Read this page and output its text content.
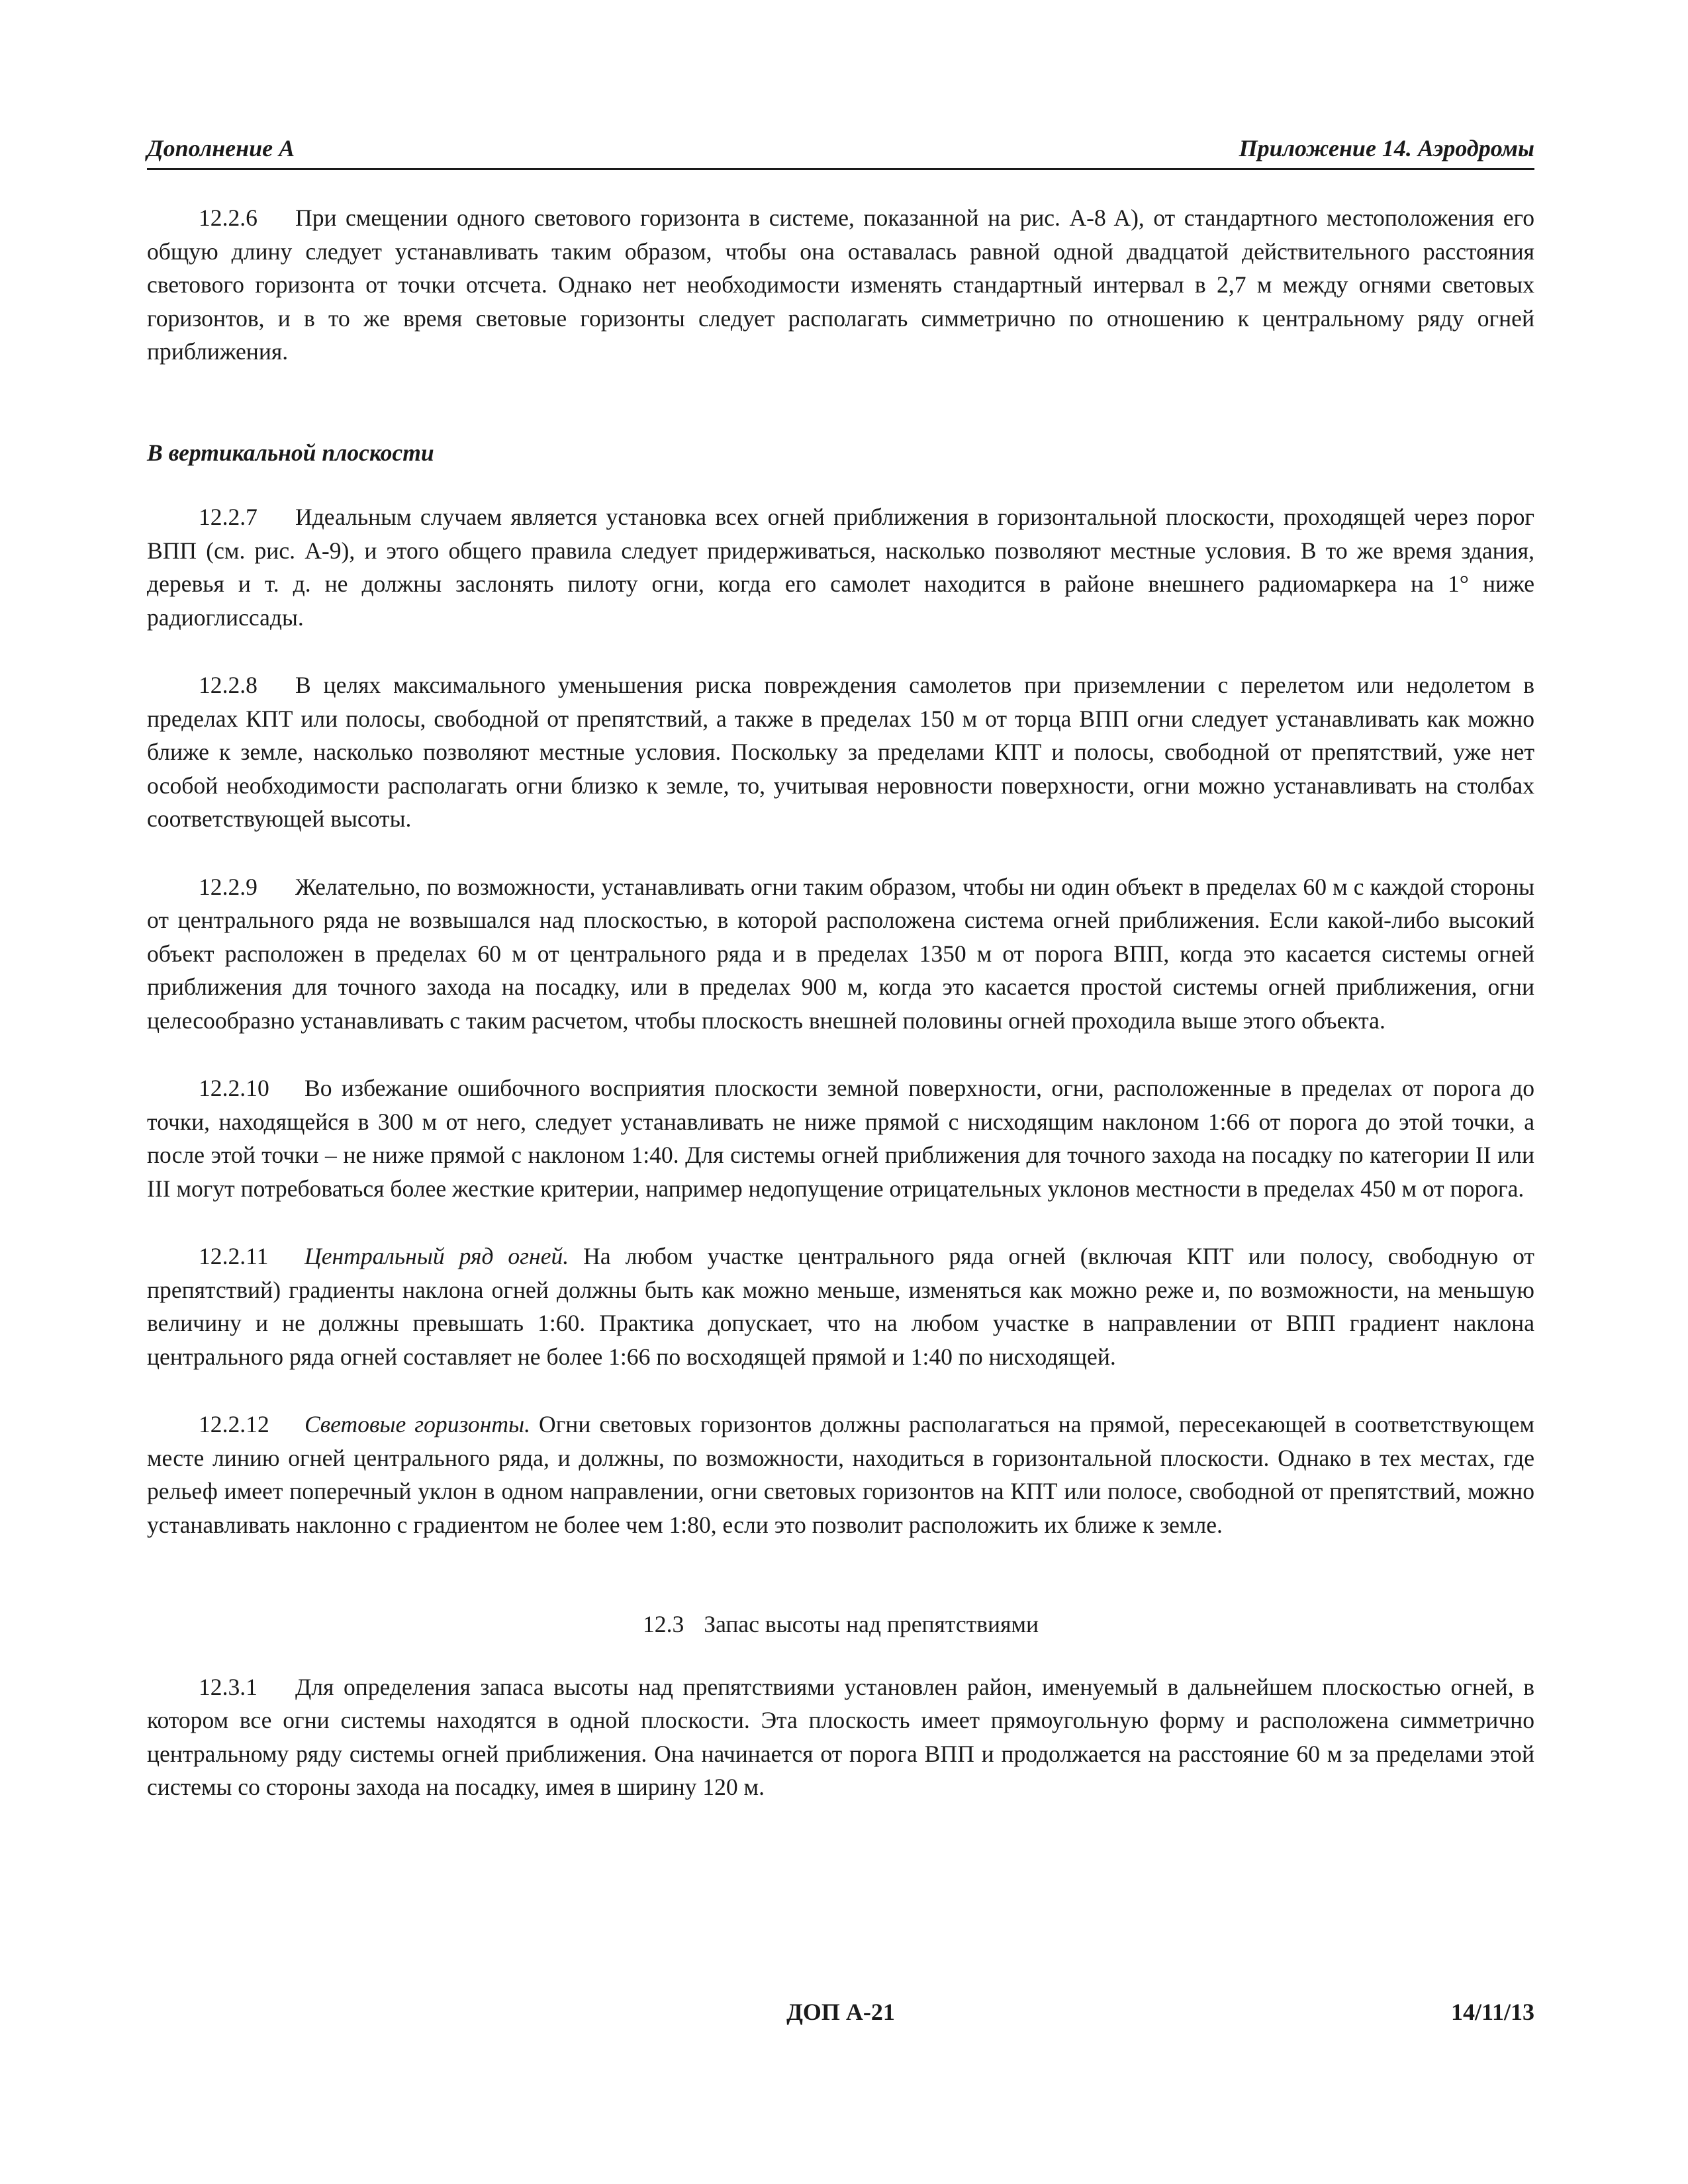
Дополнение A	Приложение 14. Аэродромы

12.2.6 При смещении одного светового горизонта в системе, показанной на рис. A-8 A), от стандартного местоположения его общую длину следует устанавливать таким образом, чтобы она оставалась равной одной двадцатой действительного расстояния светового горизонта от точки отсчета. Однако нет необходимости изменять стандартный интервал в 2,7 м между огнями световых горизонтов, и в то же время световые горизонты следует располагать симметрично по отношению к центральному ряду огней приближения.

В вертикальной плоскости

12.2.7 Идеальным случаем является установка всех огней приближения в горизонтальной плоскости, проходящей через порог ВПП (см. рис. A-9), и этого общего правила следует придерживаться, насколько позволяют местные условия. В то же время здания, деревья и т. д. не должны заслонять пилоту огни, когда его самолет находится в районе внешнего радиомаркера на 1° ниже радиоглиссады.

12.2.8 В целях максимального уменьшения риска повреждения самолетов при приземлении с перелетом или недолетом в пределах КПТ или полосы, свободной от препятствий, а также в пределах 150 м от торца ВПП огни следует устанавливать как можно ближе к земле, насколько позволяют местные условия. Поскольку за пределами КПТ и полосы, свободной от препятствий, уже нет особой необходимости располагать огни близко к земле, то, учитывая неровности поверхности, огни можно устанавливать на столбах соответствующей высоты.

12.2.9 Желательно, по возможности, устанавливать огни таким образом, чтобы ни один объект в пределах 60 м с каждой стороны от центрального ряда не возвышался над плоскостью, в которой расположена система огней приближения. Если какой-либо высокий объект расположен в пределах 60 м от центрального ряда и в пределах 1350 м от порога ВПП, когда это касается системы огней приближения для точного захода на посадку, или в пределах 900 м, когда это касается простой системы огней приближения, огни целесообразно устанавливать с таким расчетом, чтобы плоскость внешней половины огней проходила выше этого объекта.

12.2.10 Во избежание ошибочного восприятия плоскости земной поверхности, огни, расположенные в пределах от порога до точки, находящейся в 300 м от него, следует устанавливать не ниже прямой с нисходящим наклоном 1:66 от порога до этой точки, а после этой точки – не ниже прямой с наклоном 1:40. Для системы огней приближения для точного захода на посадку по категории II или III могут потребоваться более жесткие критерии, например недопущение отрицательных уклонов местности в пределах 450 м от порога.

12.2.11 Центральный ряд огней. На любом участке центрального ряда огней (включая КПТ или полосу, свободную от препятствий) градиенты наклона огней должны быть как можно меньше, изменяться как можно реже и, по возможности, на меньшую величину и не должны превышать 1:60. Практика допускает, что на любом участке в направлении от ВПП градиент наклона центрального ряда огней составляет не более 1:66 по восходящей прямой и 1:40 по нисходящей.

12.2.12 Световые горизонты. Огни световых горизонтов должны располагаться на прямой, пересекающей в соответствующем месте линию огней центрального ряда, и должны, по возможности, находиться в горизонтальной плоскости. Однако в тех местах, где рельеф имеет поперечный уклон в одном направлении, огни световых горизонтов на КПТ или полосе, свободной от препятствий, можно устанавливать наклонно с градиентом не более чем 1:80, если это позволит расположить их ближе к земле.

12.3 Запас высоты над препятствиями

12.3.1 Для определения запаса высоты над препятствиями установлен район, именуемый в дальнейшем плоскостью огней, в котором все огни системы находятся в одной плоскости. Эта плоскость имеет прямоугольную форму и расположена симметрично центральному ряду системы огней приближения. Она начинается от порога ВПП и продолжается на расстояние 60 м за пределами этой системы со стороны захода на посадку, имея в ширину 120 м.

ДОП A-21	14/11/13
